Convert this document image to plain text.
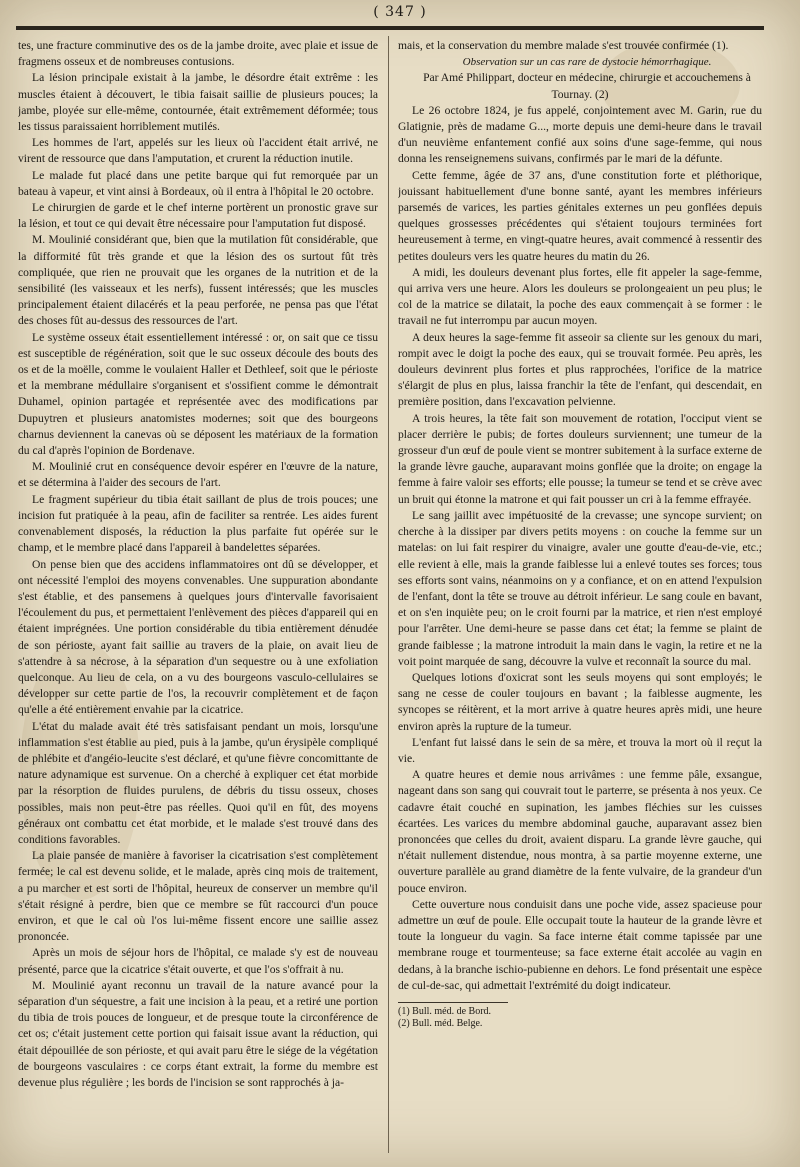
( 347 )

tes, une fracture comminutive des os de la jambe droite, avec plaie et issue de fragmens osseux et de nombreuses contusions.

La lésion principale existait à la jambe, le désordre était extrême : les muscles étaient à découvert, le tibia faisait saillie de plusieurs pouces; la jambe, ployée sur elle-même, contournée, était extrêmement déformée; tous les tissus paraissaient horriblement mutilés.

Les hommes de l'art, appelés sur les lieux où l'accident était arrivé, ne virent de ressource que dans l'amputation, et crurent la réduction inutile.

Le malade fut placé dans une petite barque qui fut remorquée par un bateau à vapeur, et vint ainsi à Bordeaux, où il entra à l'hôpital le 20 octobre.

Le chirurgien de garde et le chef interne portèrent un pronostic grave sur la lésion, et tout ce qui devait être nécessaire pour l'amputation fut disposé.

M. Moulinié considérant que, bien que la mutilation fût considérable, que la difformité fût très grande et que la lésion des os surtout fût très compliquée, que rien ne prouvait que les organes de la nutrition et de la sensibilité (les vaisseaux et les nerfs), fussent intéressés; que les muscles principalement étaient dilacérés et la peau perforée, ne pensa pas que l'état des choses fût au-dessus des ressources de l'art.

Le système osseux était essentiellement intéressé : or, on sait que ce tissu est susceptible de régénération, soit que le suc osseux découle des bouts des os et de la moëlle, comme le voulaient Haller et Dethleef, soit que le périoste et la membrane médullaire s'organisent et s'ossifient comme le démontrait Duhamel, opinion partagée et représentée avec des modifications par Dupuytren et plusieurs anatomistes modernes; soit que des bourgeons charnus deviennent la canevas où se déposent les matériaux de la formation du cal d'après l'opinion de Bordenave.

M. Moulinié crut en conséquence devoir espérer en l'œuvre de la nature, et se détermina à l'aider des secours de l'art.

Le fragment supérieur du tibia était saillant de plus de trois pouces; une incision fut pratiquée à la peau, afin de faciliter sa rentrée. Les aides furent convenablement disposés, la réduction la plus parfaite fut opérée sur le champ, et le membre placé dans l'appareil à bandelettes séparées.

On pense bien que des accidens inflammatoires ont dû se développer, et ont nécessité l'emploi des moyens convenables. Une suppuration abondante s'est établie, et des pansemens à quelques jours d'intervalle favorisaient l'écoulement du pus, et permettaient l'enlèvement des pièces d'appareil qui en étaient imprégnées. Une portion considérable du tibia entièrement dénudée de son périoste, ayant fait saillie au travers de la plaie, on avait lieu de s'attendre à sa nécrose, à la séparation d'un sequestre ou à une exfoliation quelconque. Au lieu de cela, on a vu des bourgeons vasculo-cellulaires se développer sur cette partie de l'os, la recouvrir complètement et de façon qu'elle a été entièrement envahie par la cicatrice.

L'état du malade avait été très satisfaisant pendant un mois, lorsqu'une inflammation s'est établie au pied, puis à la jambe, qu'un érysipèle compliqué de phlébite et d'angéio-leucite s'est déclaré, et qu'une fièvre concomittante de nature adynamique est survenue. On a cherché à expliquer cet état morbide par la résorption de fluides purulens, de débris du tissu osseux, choses possibles, mais non peut-être pas réelles. Quoi qu'il en fût, des moyens généraux ont combattu cet état morbide, et le malade s'est trouvé dans des conditions favorables.

La plaie pansée de manière à favoriser la cicatrisation s'est complètement fermée; le cal est devenu solide, et le malade, après cinq mois de traitement, a pu marcher et est sorti de l'hôpital, heureux de conserver un membre qu'il s'était résigné à perdre, bien que ce membre se fût raccourci d'un pouce environ, et que le cal où l'os lui-même fissent encore une saillie assez prononcée.

Après un mois de séjour hors de l'hôpital, ce malade s'y est de nouveau présenté, parce que la cicatrice s'était ouverte, et que l'os s'offrait à nu.

M. Moulinié ayant reconnu un travail de la nature avancé pour la séparation d'un séquestre, a fait une incision à la peau, et a retiré une portion du tibia de trois pouces de longueur, et de presque toute la circonférence de cet os; c'était justement cette portion qui faisait issue avant la réduction, qui était dépouillée de son périoste, et qui avait paru être le siége de la végétation de bourgeons vasculaires : ce corps étant extrait, la forme du membre est devenue plus régulière ; les bords de l'incision se sont rapprochés à ja-

mais, et la conservation du membre malade s'est trouvée confirmée (1).

Observation sur un cas rare de dystocie hémorrhagique.

Par Amé Philippart, docteur en médecine, chirurgie et accouchemens à Tournay. (2)

Le 26 octobre 1824, je fus appelé, conjointement avec M. Garin, rue du Glatignie, près de madame G..., morte depuis une demi-heure dans le travail d'un neuvième enfantement confié aux soins d'une sage-femme, qui nous donna les renseignemens suivans, confirmés par le mari de la défunte.

Cette femme, âgée de 37 ans, d'une constitution forte et pléthorique, jouissant habituellement d'une bonne santé, ayant les membres inférieurs parsemés de varices, les parties génitales externes un peu gonflées depuis quelques grossesses précédentes qui s'étaient toujours terminées fort heureusement à terme, en vingt-quatre heures, avait commencé à ressentir des petites douleurs vers les quatre heures du matin du 26.

A midi, les douleurs devenant plus fortes, elle fit appeler la sage-femme, qui arriva vers une heure. Alors les douleurs se prolongeaient un peu plus; le col de la matrice se dilatait, la poche des eaux commençait à se former : le travail ne fut interrompu par aucun moyen.

A deux heures la sage-femme fit asseoir sa cliente sur les genoux du mari, rompit avec le doigt la poche des eaux, qui se trouvait formée. Peu après, les douleurs devinrent plus fortes et plus rapprochées, l'orifice de la matrice s'élargit de plus en plus, laissa franchir la tête de l'enfant, qui descendait, en première position, dans l'excavation pelvienne.

A trois heures, la tête fait son mouvement de rotation, l'occiput vient se placer derrière le pubis; de fortes douleurs surviennent; une tumeur de la grosseur d'un œuf de poule vient se montrer subitement à la surface externe de la grande lèvre gauche, auparavant moins gonflée que la droite; on engage la femme à faire valoir ses efforts; elle pousse; la tumeur se tend et se crève avec un bruit qui étonne la matrone et qui fait pousser un cri à la femme effrayée.

Le sang jaillit avec impétuosité de la crevasse; une syncope survient; on cherche à la dissiper par divers petits moyens : on couche la femme sur un matelas: on lui fait respirer du vinaigre, avaler une goutte d'eau-de-vie, etc.; elle revient à elle, mais la grande faiblesse lui a enlevé toutes ses forces; tous ses efforts sont vains, néanmoins on y a confiance, et on en attend l'expulsion de l'enfant, dont la tête se trouve au détroit inférieur. Le sang coule en bavant, et on s'en inquiète peu; on le croit fourni par la matrice, et rien n'est employé pour l'arrêter. Une demi-heure se passe dans cet état; la femme se plaint de grande faiblesse ; la matrone introduit la main dans le vagin, la retire et ne la voit point marquée de sang, découvre la vulve et reconnaît la source du mal.

Quelques lotions d'oxicrat sont les seuls moyens qui sont employés; le sang ne cesse de couler toujours en bavant ; la faiblesse augmente, les syncopes se réitèrent, et la mort arrive à quatre heures après midi, une heure environ après la rupture de la tumeur.

L'enfant fut laissé dans le sein de sa mère, et trouva la mort où il reçut la vie.

A quatre heures et demie nous arrivâmes : une femme pâle, exsangue, nageant dans son sang qui couvrait tout le parterre, se présenta à nos yeux. Ce cadavre était couché en supination, les jambes fléchies sur les cuisses écartées. Les varices du membre abdominal gauche, auparavant assez bien prononcées que celles du droit, avaient disparu. La grande lèvre gauche, qui n'était nullement distendue, nous montra, à sa partie moyenne externe, une ouverture parallèle au grand diamètre de la fente vulvaire, de la grandeur d'un pouce environ.

Cette ouverture nous conduisit dans une poche vide, assez spacieuse pour admettre un œuf de poule. Elle occupait toute la hauteur de la grande lèvre et toute la longueur du vagin. Sa face interne était comme tapissée par une membrane rouge et tourmenteuse; sa face externe était accolée au vagin en dedans, à la branche ischio-pubienne en dehors. Le fond présentait une espèce de cul-de-sac, qui admettait l'extrémité du doigt indicateur.

(1) Bull. méd. de Bord.

(2) Bull. méd. Belge.
